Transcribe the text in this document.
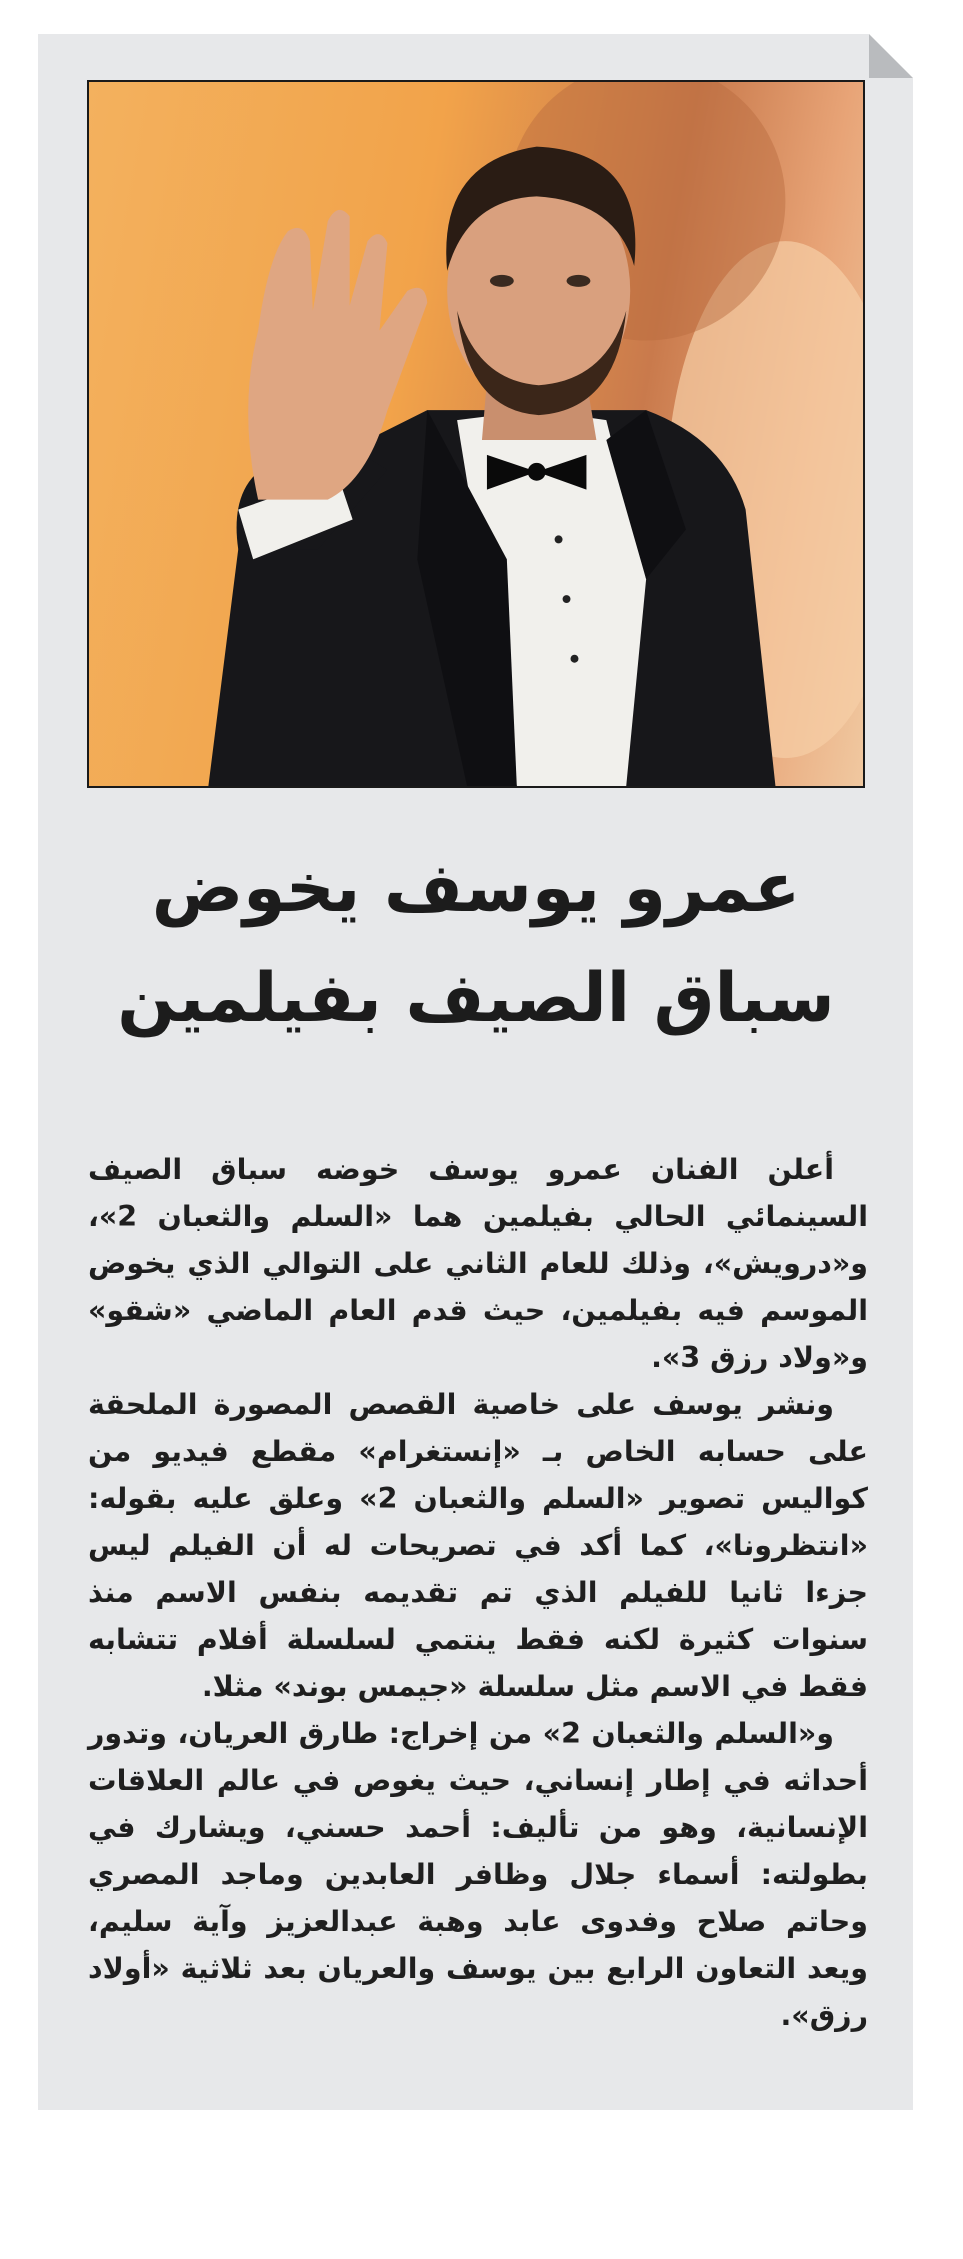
عمرو يوسف يخوض
سباق الصيف بفيلمين

أعلن الفنان عمرو يوسف خوضه سباق الصيف السينمائي الحالي بفيلمين هما «السلم والثعبان 2»، و«درويش»، وذلك للعام الثاني على التوالي الذي يخوض الموسم فيه بفيلمين، حيث قدم العام الماضي «شقو» و«ولاد رزق 3».

ونشر يوسف على خاصية القصص المصورة الملحقة على حسابه الخاص بـ «إنستغرام» مقطع فيديو من كواليس تصوير «السلم والثعبان 2» وعلق عليه بقوله: «انتظرونا»، كما أكد في تصريحات له أن الفيلم ليس جزءا ثانيا للفيلم الذي تم تقديمه بنفس الاسم منذ سنوات كثيرة لكنه فقط ينتمي لسلسلة أفلام تتشابه فقط في الاسم مثل سلسلة «جيمس بوند» مثلا.

و«السلم والثعبان 2» من إخراج: طارق العريان، وتدور أحداثه في إطار إنساني، حيث يغوص في عالم العلاقات الإنسانية، وهو من تأليف: أحمد حسني، ويشارك في بطولته: أسماء جلال وظافر العابدين وماجد المصري وحاتم صلاح وفدوى عابد وهبة عبدالعزيز وآية سليم، ويعد التعاون الرابع بين يوسف والعريان بعد ثلاثية «أولاد رزق».
